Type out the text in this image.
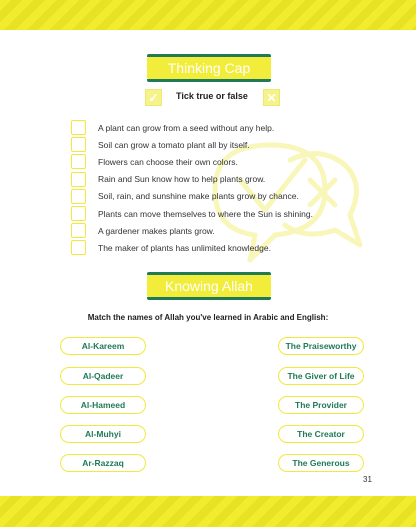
Thinking Cap
✓	Tick true or false ✕
A plant can grow from a seed without any help.
Soil can grow a tomato plant all by itself.
Flowers can choose their own colors.
Rain and Sun know how to help plants grow.
Soil, rain, and sunshine make plants grow by chance.
Plants can move themselves to where the Sun is shining.
A gardener makes plants grow.
The maker of plants has unlimited knowledge.
Knowing Allah
Match the names of Allah you've learned in Arabic and English:
Al-Kareem
Al-Qadeer
Al-Hameed
Al-Muhyi
Ar-Razzaq
The Praiseworthy
The Giver of Life
The Provider
The Creator
The Generous
31
